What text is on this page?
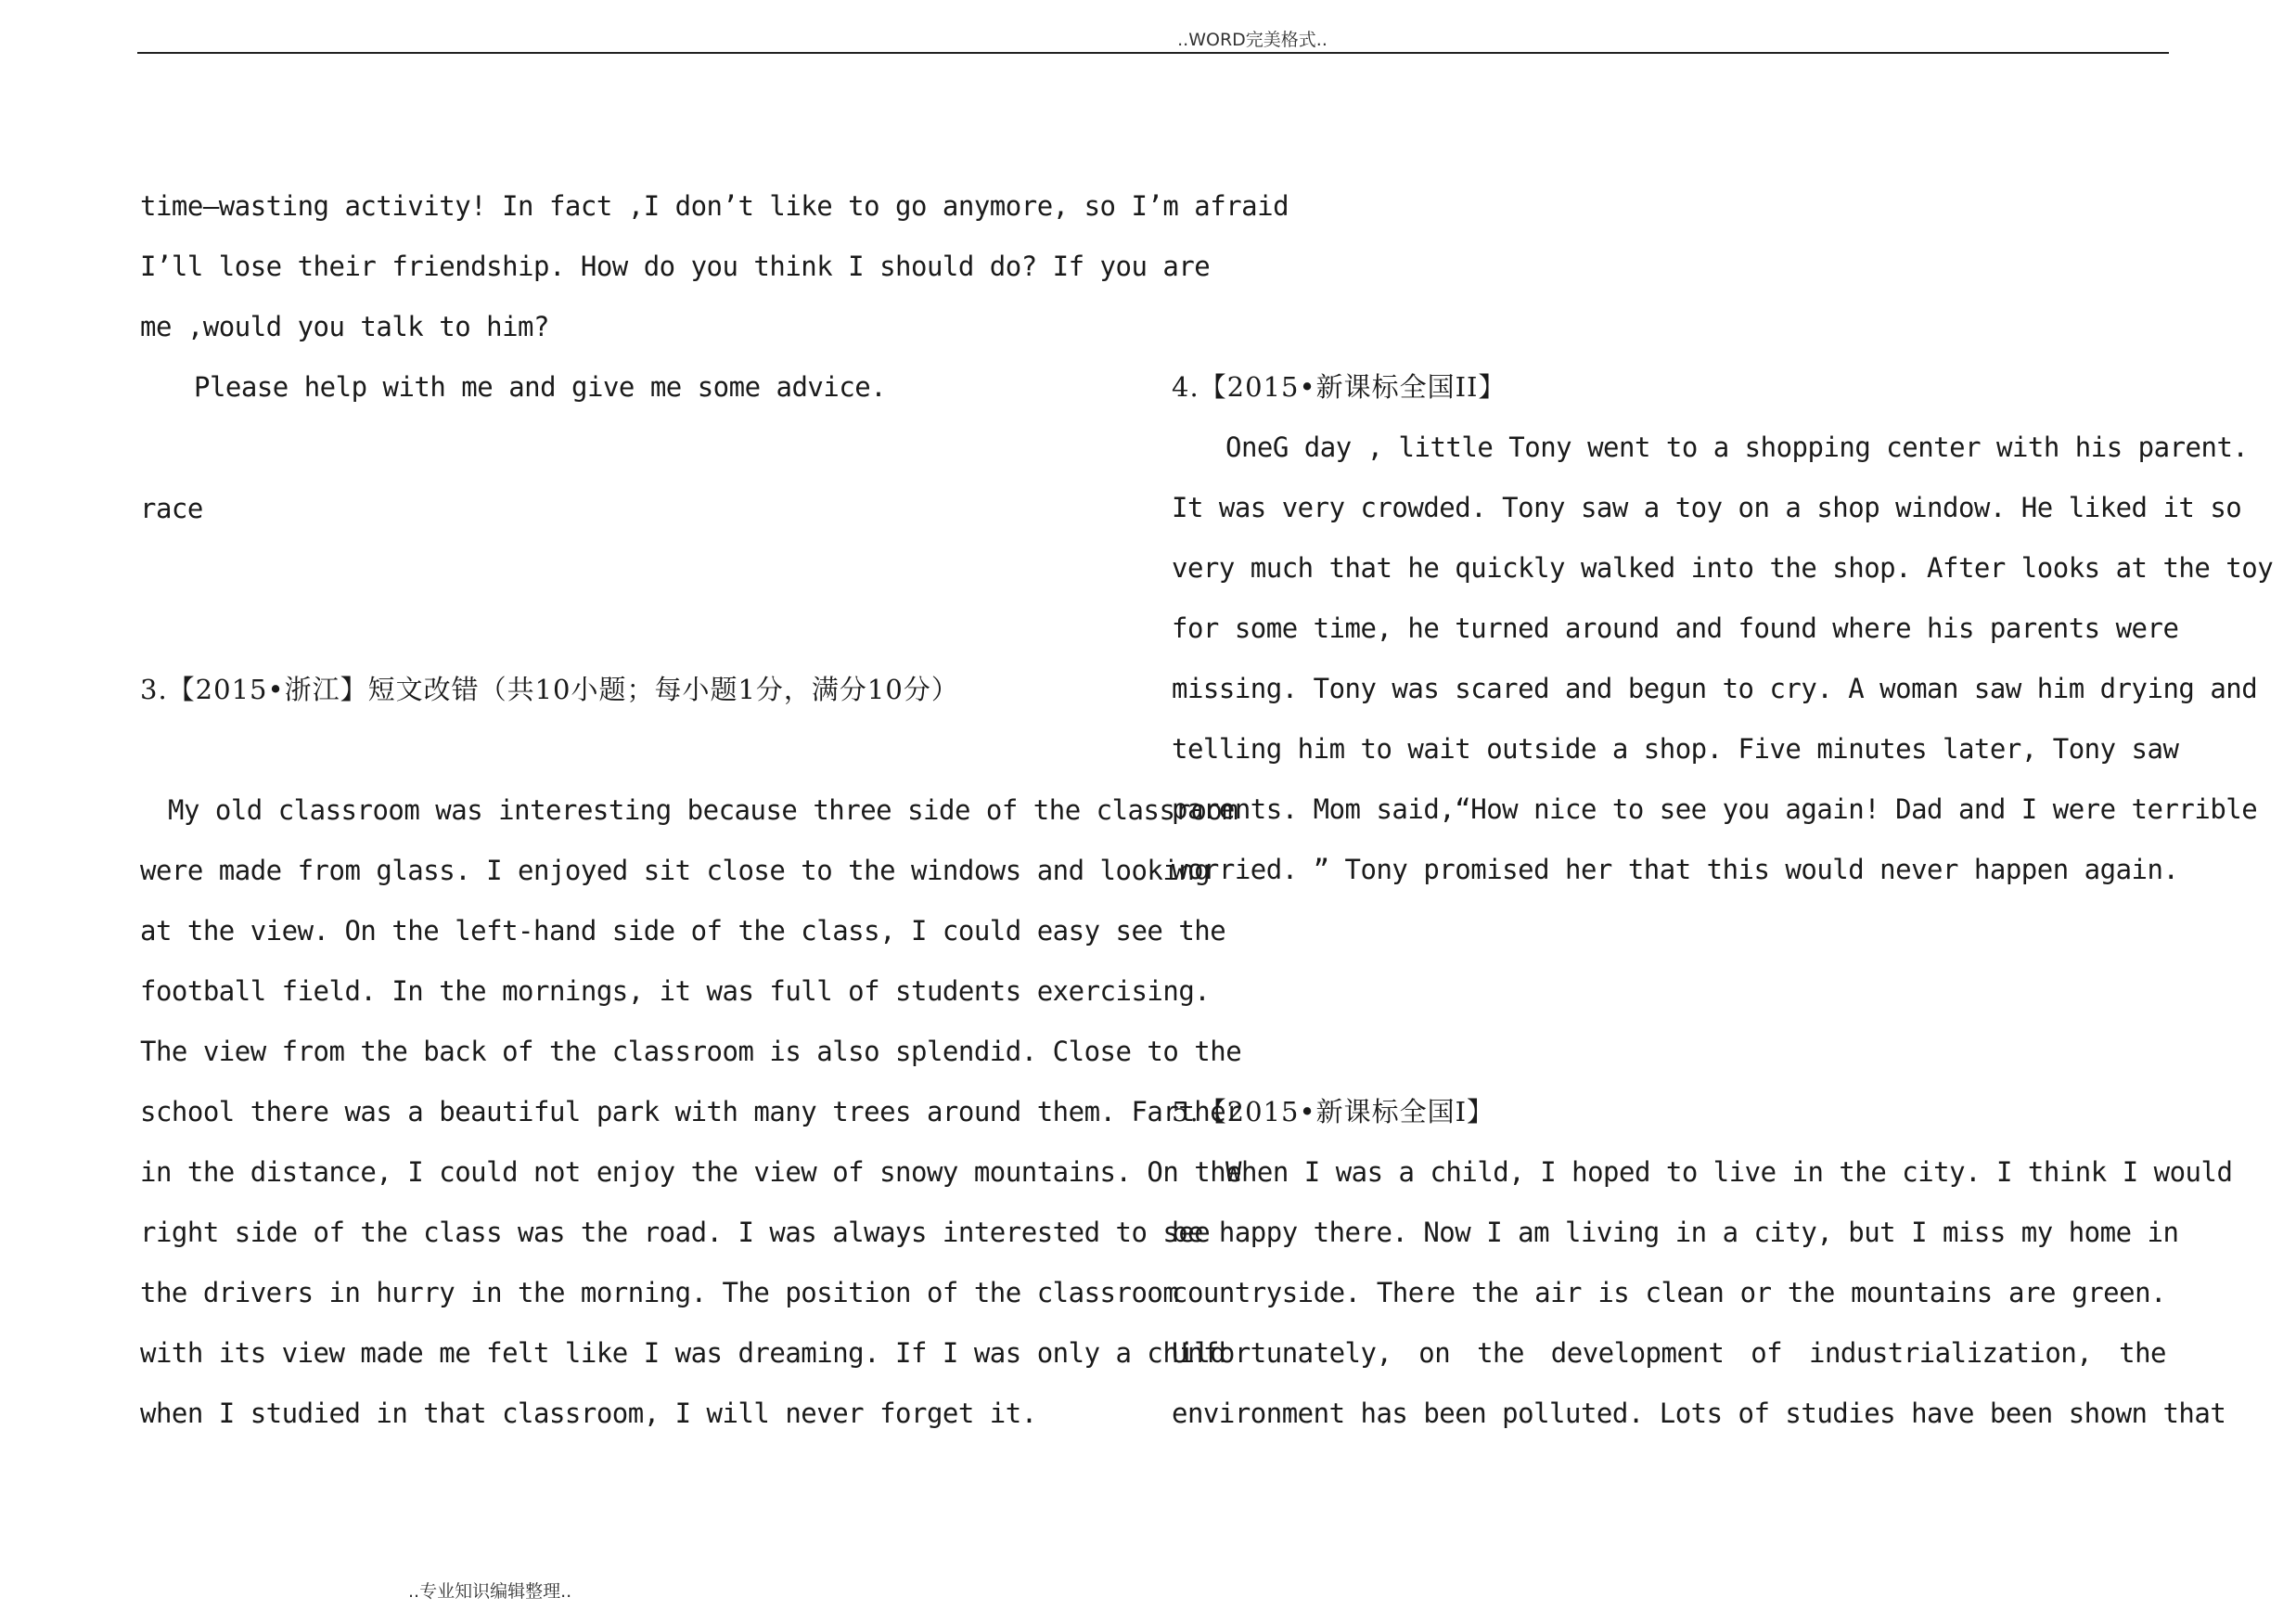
..WORD完美格式..
time—wasting activity! In fact ,I don’t like to go anymore, so I’m afraid
I’ll lose their friendship. How do you think I should do? If you are
me ,would you talk to him?
Please help with me and give me some advice.
race
3.【2015•浙江】短文改错（共10小题；每小题1分，满分10分）
My old classroom was interesting because three side of the classroom
were made from glass. I enjoyed sit close to the windows and looking
at the view. On the left-hand side of the class, I could easy see the
football field. In the mornings, it was full of students exercising.
The view from the back of the classroom is also splendid. Close to the
school there was a beautiful park with many trees around them. Farther
in the distance, I could not enjoy the view of snowy mountains. On the
right side of the class was the road. I was always interested to see
the drivers in hurry in the morning. The position of the classroom
with its view made me felt like I was dreaming. If I was only a child
when I studied in that classroom, I will never forget it.
4.【2015•新课标全国II】
OneG day , little Tony went to a shopping center with his parent.
It was very crowded. Tony saw a toy on a shop window. He liked it so
very much that he quickly walked into the shop. After looks at the toy
for some time, he turned around and found where his parents were
missing. Tony was scared and begun to cry. A woman saw him drying and
telling him to wait outside a shop. Five minutes later, Tony saw
parents. Mom said,“How nice to see you again! Dad and I were terrible
worried. ” Tony promised her that this would never happen again.
5.【2015•新课标全国I】
When I was a child, I hoped to live in the city. I think I would
be happy there. Now I am living in a city, but I miss my home in
countryside. There the air is clean or the mountains are green.
Unfortunately, on the development of industrialization, the
environment has been polluted. Lots of studies have been shown that
..专业知识编辑整理..
